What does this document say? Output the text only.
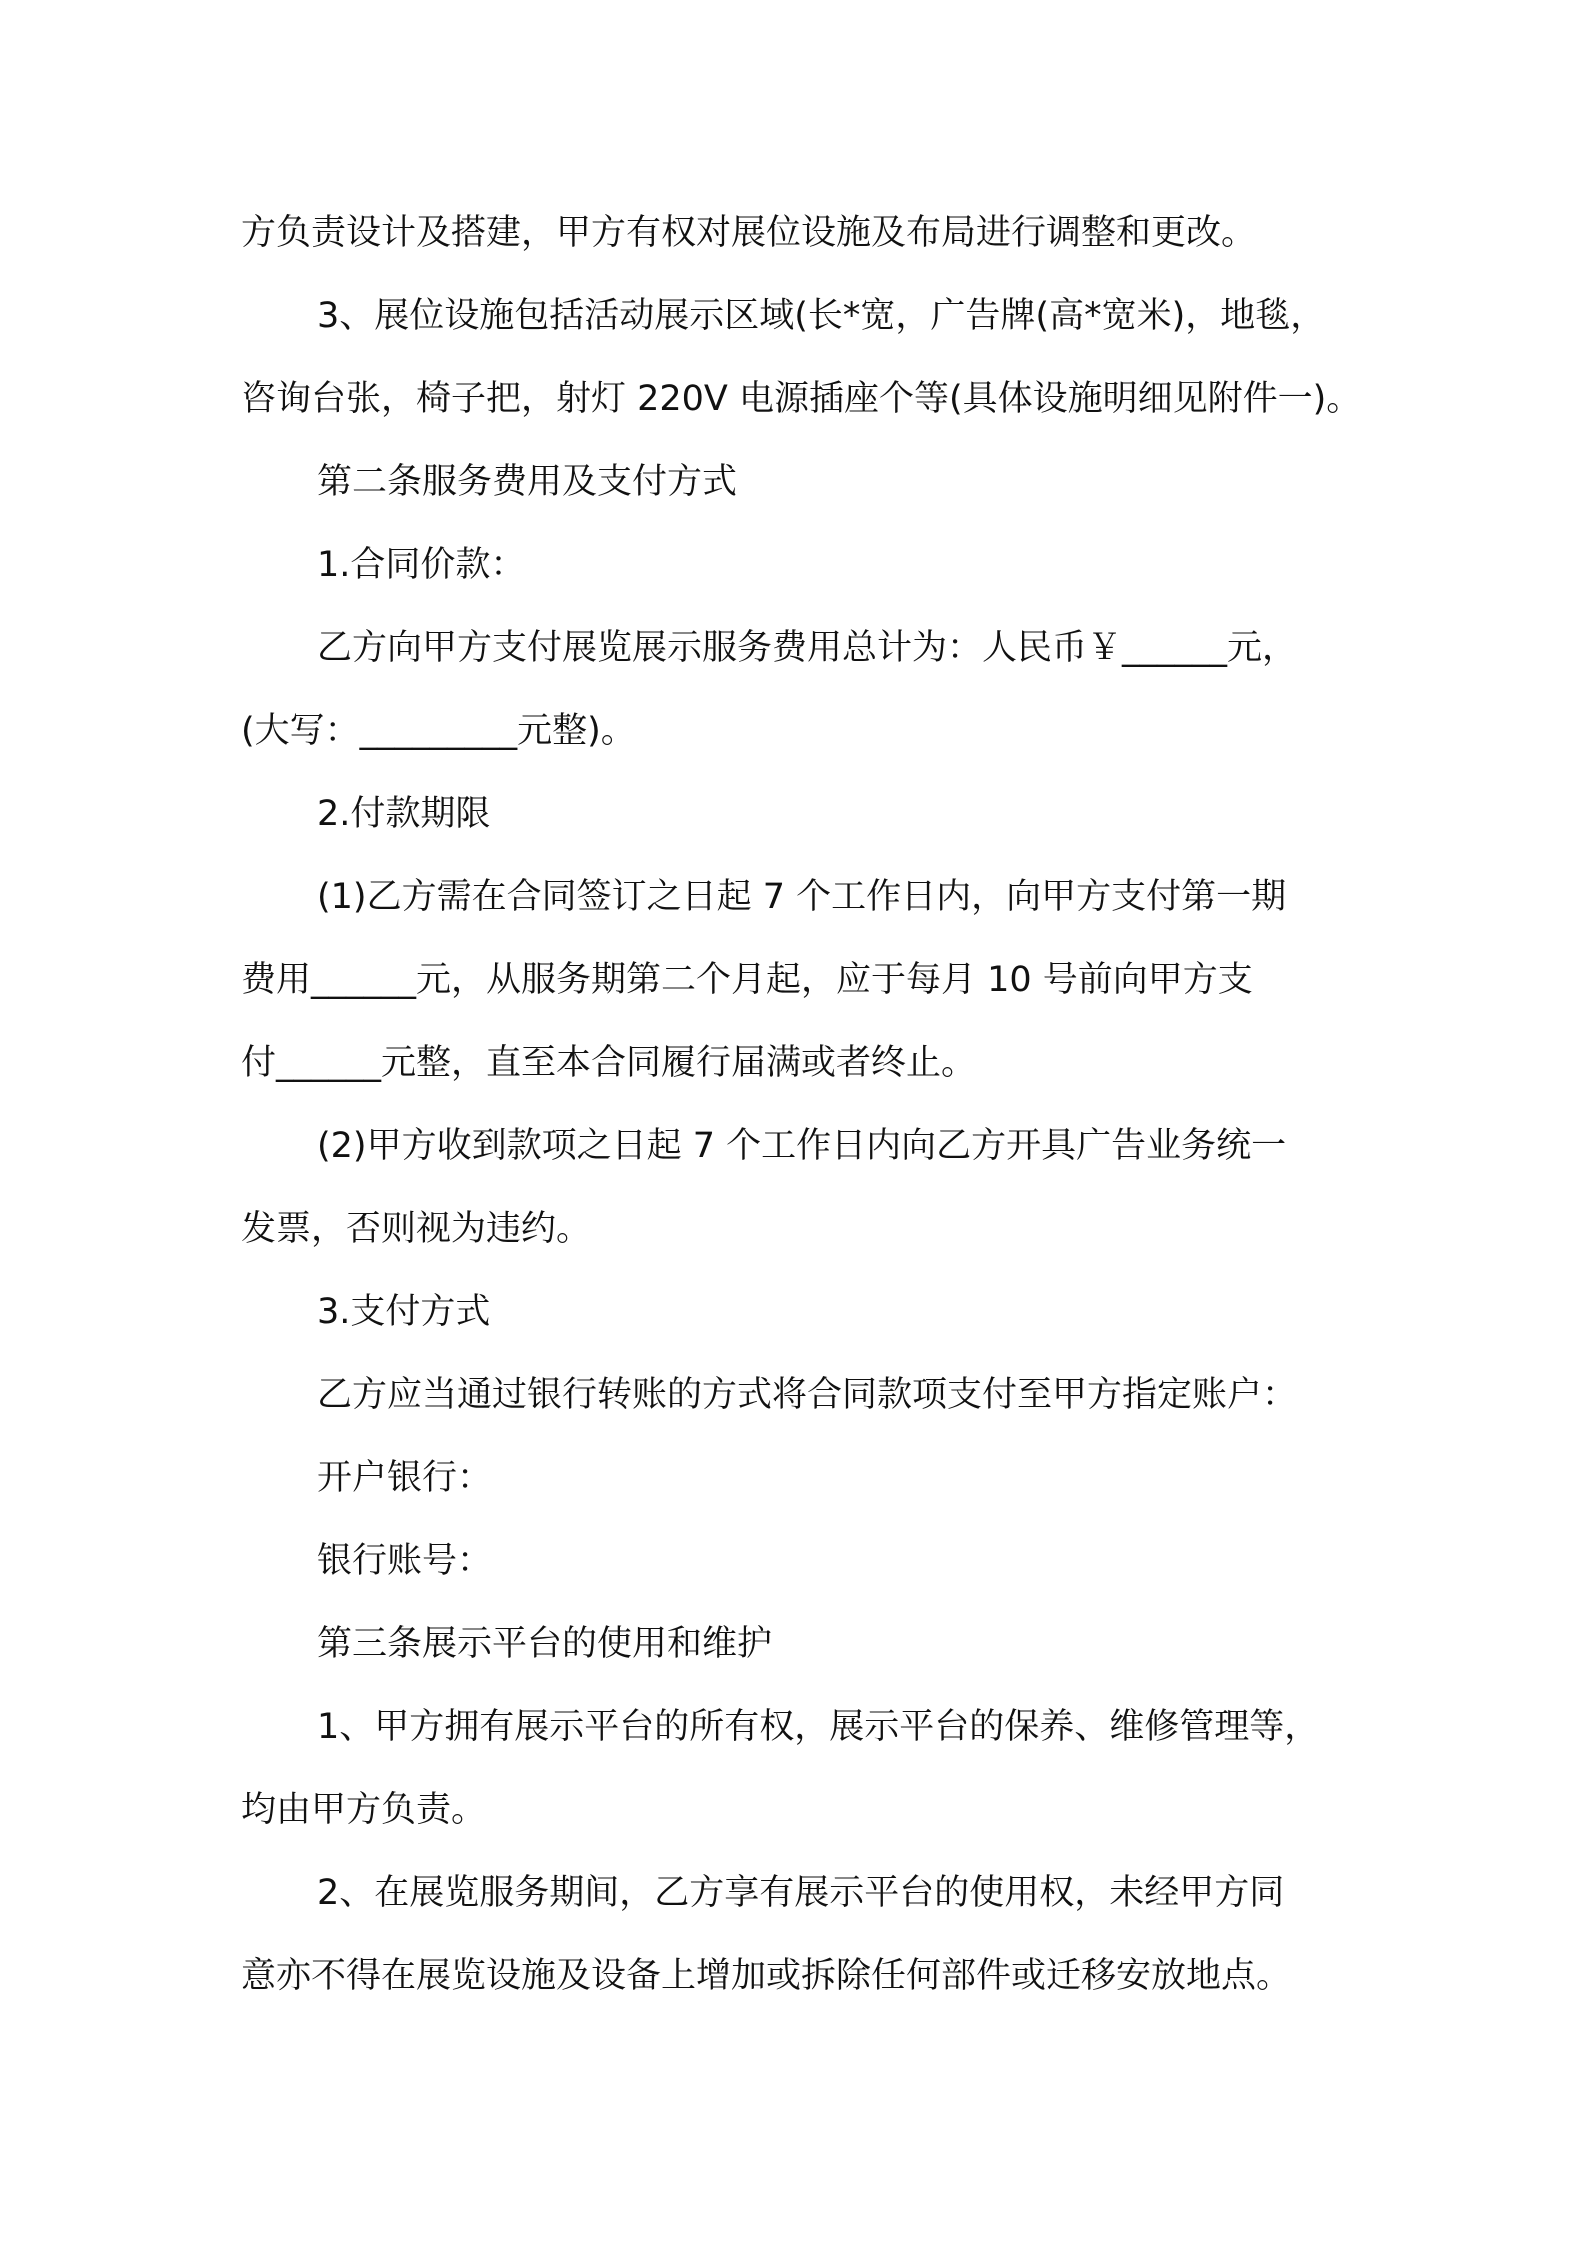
方负责设计及搭建，甲方有权对展位设施及布局进行调整和更改。
3、展位设施包括活动展示区域(长*宽，广告牌(高*宽米)，地毯，
咨询台张，椅子把，射灯 220V 电源插座个等(具体设施明细见附件一)。
第二条服务费用及支付方式
1.合同价款：
乙方向甲方支付展览展示服务费用总计为：人民币￥______元，
(大写：_________元整)。
2.付款期限
(1)乙方需在合同签订之日起 7 个工作日内，向甲方支付第一期
费用______元，从服务期第二个月起，应于每月 10 号前向甲方支
付______元整，直至本合同履行届满或者终止。
(2)甲方收到款项之日起 7 个工作日内向乙方开具广告业务统一
发票，否则视为违约。
3.支付方式
乙方应当通过银行转账的方式将合同款项支付至甲方指定账户：
开户银行：
银行账号：
第三条展示平台的使用和维护
1、甲方拥有展示平台的所有权，展示平台的保养、维修管理等，
均由甲方负责。
2、在展览服务期间，乙方享有展示平台的使用权，未经甲方同
意亦不得在展览设施及设备上增加或拆除任何部件或迁移安放地点。
